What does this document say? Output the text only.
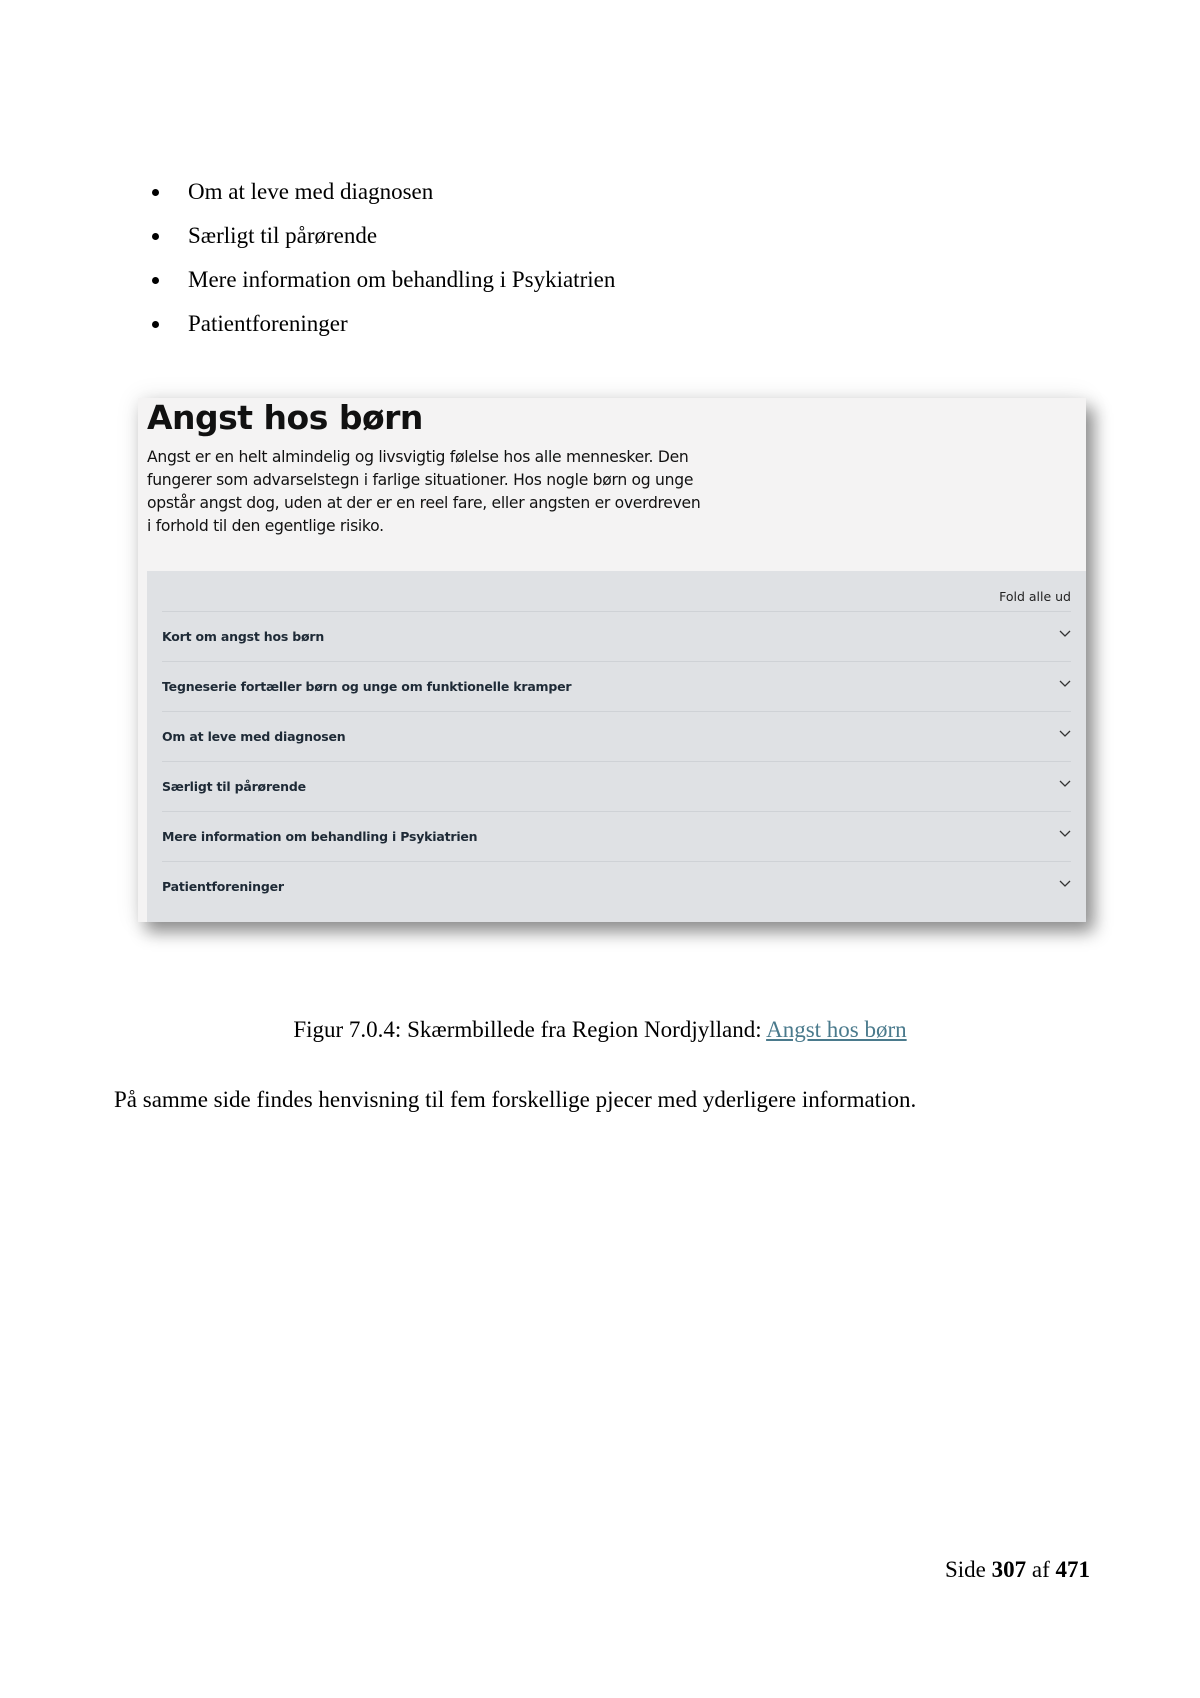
Om at leve med diagnosen
Særligt til pårørende
Mere information om behandling i Psykiatrien
Patientforeninger
Angst hos børn

Angst er en helt almindelig og livsvigtig følelse hos alle mennesker. Den fungerer som advarselstegn i farlige situationer. Hos nogle børn og unge opstår angst dog, uden at der er en reel fare, eller angsten er overdreven i forhold til den egentlige risiko.

Fold alle ud
Kort om angst hos børn
Tegneserie fortæller børn og unge om funktionelle kramper
Om at leve med diagnosen
Særligt til pårørende
Mere information om behandling i Psykiatrien
Patientforeninger
Figur 7.0.4: Skærmbillede fra Region Nordjylland: Angst hos børn

På samme side findes henvisning til fem forskellige pjecer med yderligere information.

Side 307 af 471
